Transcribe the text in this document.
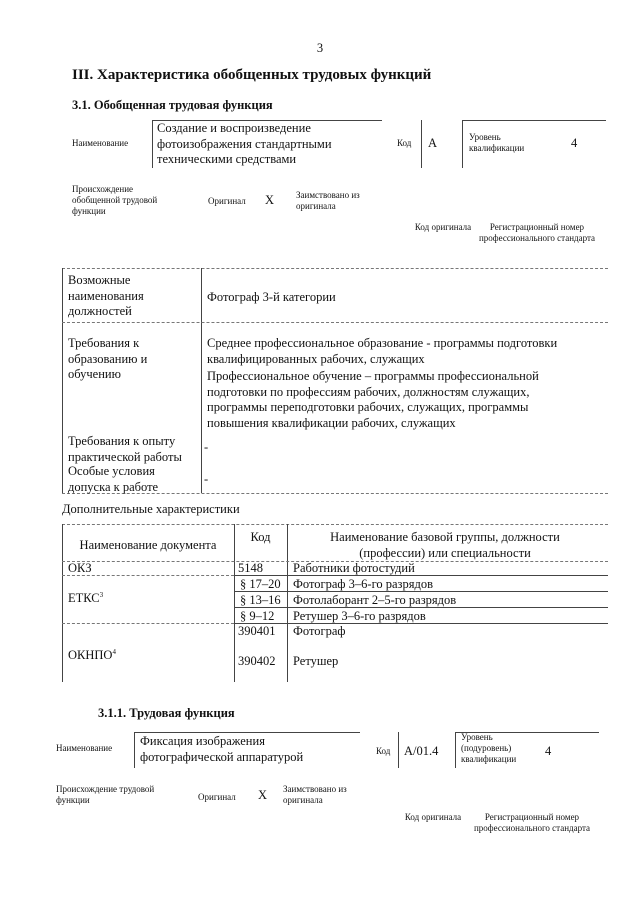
3
III. Характеристика обобщенных трудовых функций
3.1. Обобщенная трудовая функция
Наименование
Создание и воспроизведение фотоизображения стандартными техническими средствами
Код А	Уровень квалификации	4
Происхождение обобщенной трудовой функции
Оригинал X Заимствовано из оригинала
Код оригинала	Регистрационный номер профессионального стандарта
Возможные наименования должностей
Фотограф 3-й категории
Требования к образованию и обучению
Среднее профессиональное образование - программы подготовки квалифицированных рабочих, служащих
Профессиональное обучение – программы профессиональной подготовки по профессиям рабочих, должностям служащих, программы переподготовки рабочих, служащих, программы повышения квалификации рабочих, служащих
Требования к опыту практической работы
-
Особые условия допуска к работе
-
Дополнительные характеристики
Наименование документа
Код	Наименование базовой группы, должности (профессии) или специальности
ОКЗ	5148 Работники фотостудий
ЕТКС$^3$
§ 17–20 Фотограф 3–6-го разрядов
§ 13–16 Фотолаборант 2–5-го разрядов
§ 9–12 Ретушер 3–6-го разрядов
ОКНПО$^4$
390401 Фотограф
390402 Ретушер
3.1.1. Трудовая функция
Наименование Фиксация изображения фотографической аппаратурой	Код А/01.4
Уровень (подуровень) квалификации
4
Происхождение трудовой функции	Оригинал X Заимствовано из оригинала
Код оригинала	Регистрационный номер профессионального стандарта
